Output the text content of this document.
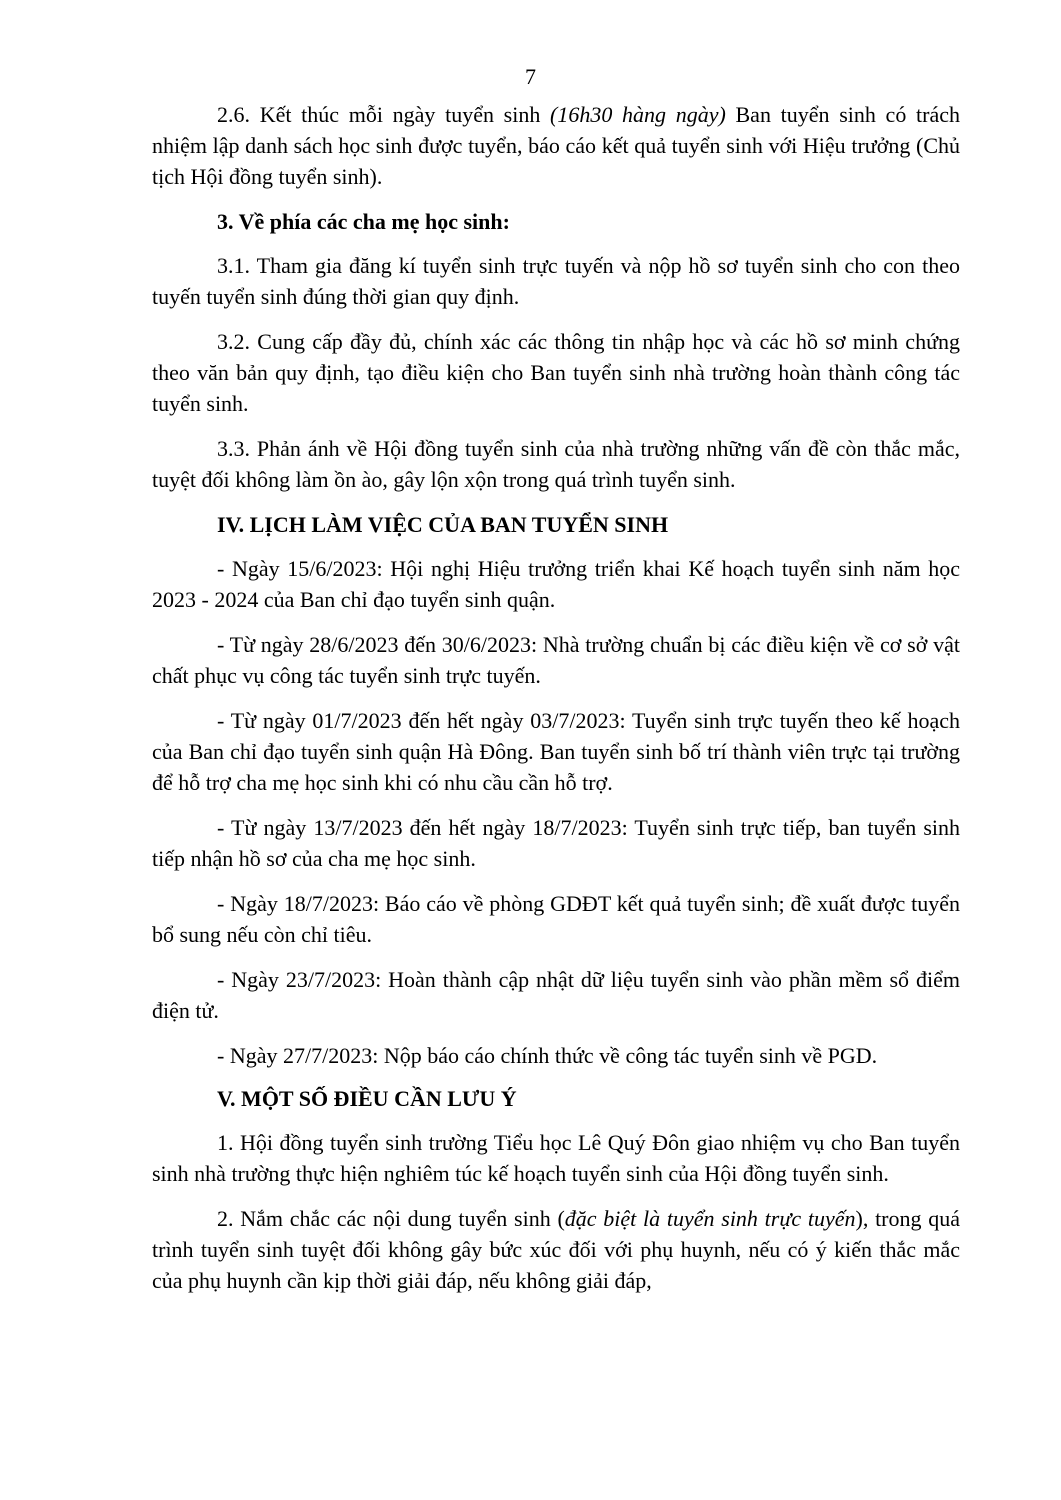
7

2.6. Kết thúc mỗi ngày tuyển sinh (16h30 hàng ngày) Ban tuyển sinh có trách nhiệm lập danh sách học sinh được tuyển, báo cáo kết quả tuyển sinh với Hiệu trưởng (Chủ tịch Hội đồng tuyển sinh).

3. Về phía các cha mẹ học sinh:

3.1. Tham gia đăng kí tuyển sinh trực tuyến và nộp hồ sơ tuyển sinh cho con theo tuyến tuyển sinh đúng thời gian quy định.

3.2. Cung cấp đầy đủ, chính xác các thông tin nhập học và các hồ sơ minh chứng theo văn bản quy định, tạo điều kiện cho Ban tuyển sinh nhà trường hoàn thành công tác tuyển sinh.

3.3. Phản ánh về Hội đồng tuyển sinh của nhà trường những vấn đề còn thắc mắc, tuyệt đối không làm ồn ào, gây lộn xộn trong quá trình tuyển sinh.

IV. LỊCH LÀM VIỆC CỦA BAN TUYỂN SINH

- Ngày 15/6/2023: Hội nghị Hiệu trưởng triển khai Kế hoạch tuyển sinh năm học 2023 - 2024 của Ban chỉ đạo tuyển sinh quận.

- Từ ngày 28/6/2023 đến 30/6/2023: Nhà trường chuẩn bị các điều kiện về cơ sở vật chất phục vụ công tác tuyển sinh trực tuyến.

- Từ ngày 01/7/2023 đến hết ngày 03/7/2023: Tuyển sinh trực tuyến theo kế hoạch của Ban chỉ đạo tuyển sinh quận Hà Đông. Ban tuyển sinh bố trí thành viên trực tại trường để hỗ trợ cha mẹ học sinh khi có nhu cầu cần hỗ trợ.

- Từ ngày 13/7/2023 đến hết ngày 18/7/2023: Tuyển sinh trực tiếp, ban tuyển sinh tiếp nhận hồ sơ của cha mẹ học sinh.

- Ngày 18/7/2023: Báo cáo về phòng GDĐT kết quả tuyển sinh; đề xuất được tuyển bổ sung nếu còn chỉ tiêu.

- Ngày 23/7/2023: Hoàn thành cập nhật dữ liệu tuyển sinh vào phần mềm sổ điểm điện tử.

- Ngày 27/7/2023: Nộp báo cáo chính thức về công tác tuyển sinh về PGD.

V. MỘT SỐ ĐIỀU CẦN LƯU Ý

1. Hội đồng tuyển sinh trường Tiểu học Lê Quý Đôn giao nhiệm vụ cho Ban tuyển sinh nhà trường thực hiện nghiêm túc kế hoạch tuyển sinh của Hội đồng tuyển sinh.

2. Nắm chắc các nội dung tuyển sinh (đặc biệt là tuyển sinh trực tuyến), trong quá trình tuyển sinh tuyệt đối không gây bức xúc đối với phụ huynh, nếu có ý kiến thắc mắc của phụ huynh cần kịp thời giải đáp, nếu không giải đáp,
